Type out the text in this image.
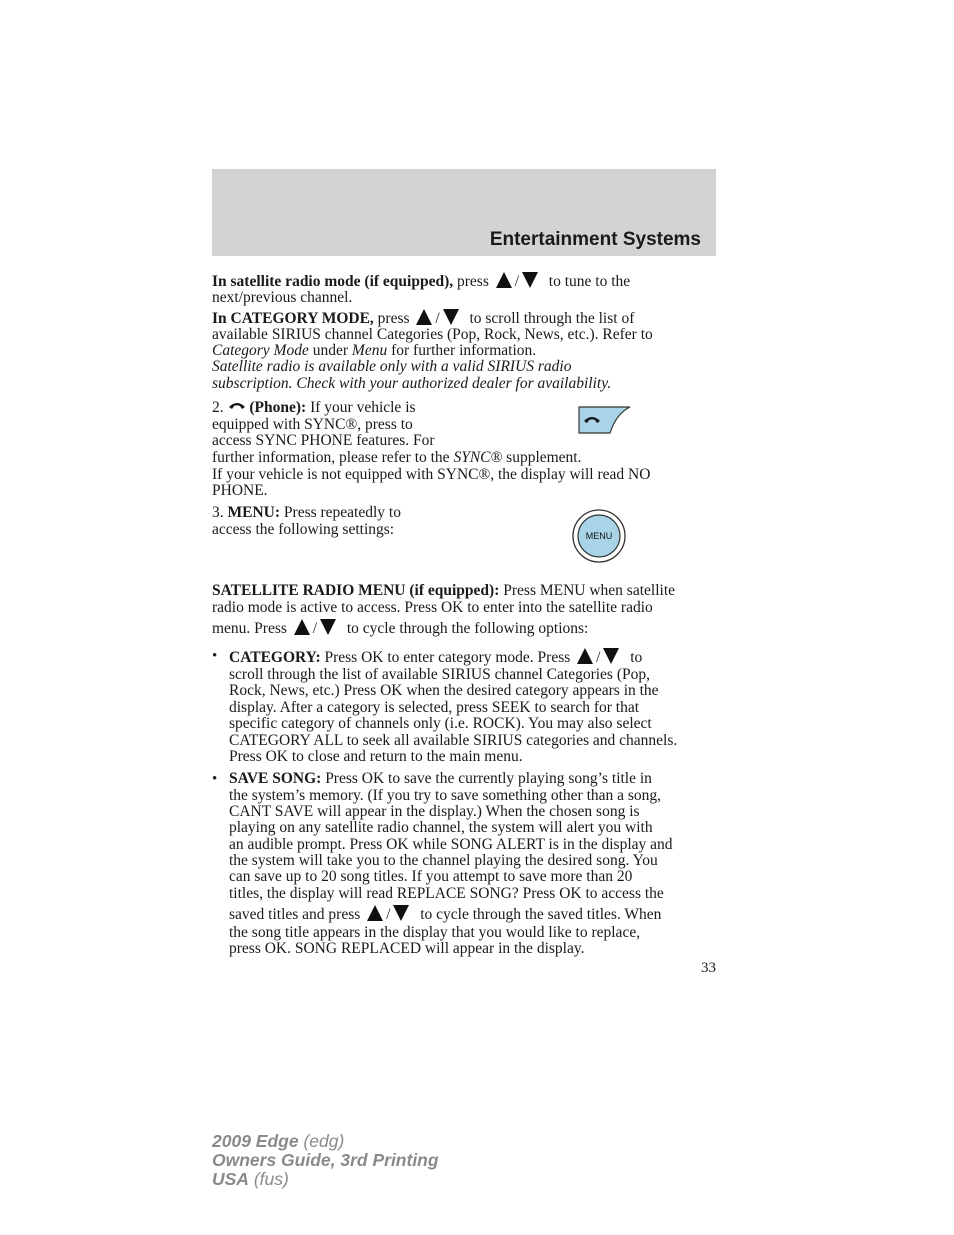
Entertainment Systems
In satellite radio mode (if equipped), press / to tune to the
next/previous channel.
In CATEGORY MODE, press / to scroll through the list of
available SIRIUS channel Categories (Pop, Rock, News, etc.). Refer to
Category Mode under Menu for further information.
Satellite radio is available only with a valid SIRIUS radio
subscription. Check with your authorized dealer for availability.
2. (Phone): If your vehicle is
equipped with SYNC®, press to
access SYNC PHONE features. For
further information, please refer to the SYNC® supplement.
If your vehicle is not equipped with SYNC®, the display will read NO
PHONE.
3. MENU: Press repeatedly to
access the following settings:	MENU
SATELLITE RADIO MENU (if equipped): Press MENU when satellite
radio mode is active to access. Press OK to enter into the satellite radio
menu. Press / to cycle through the following options:
• CATEGORY: Press OK to enter category mode. Press / to
scroll through the list of available SIRIUS channel Categories (Pop,
Rock, News, etc.) Press OK when the desired category appears in the
display. After a category is selected, press SEEK to search for that
specific category of channels only (i.e. ROCK). You may also select
CATEGORY ALL to seek all available SIRIUS categories and channels.
Press OK to close and return to the main menu.
• SAVE SONG: Press OK to save the currently playing song’s title in
the system’s memory. (If you try to save something other than a song,
CANT SAVE will appear in the display.) When the chosen song is
playing on any satellite radio channel, the system will alert you with
an audible prompt. Press OK while SONG ALERT is in the display and
the system will take you to the channel playing the desired song. You
can save up to 20 song titles. If you attempt to save more than 20
titles, the display will read REPLACE SONG? Press OK to access the
saved titles and press / to cycle through the saved titles. When
the song title appears in the display that you would like to replace,
press OK. SONG REPLACED will appear in the display.
33
2009 Edge (edg)
Owners Guide, 3rd Printing
USA (fus)
